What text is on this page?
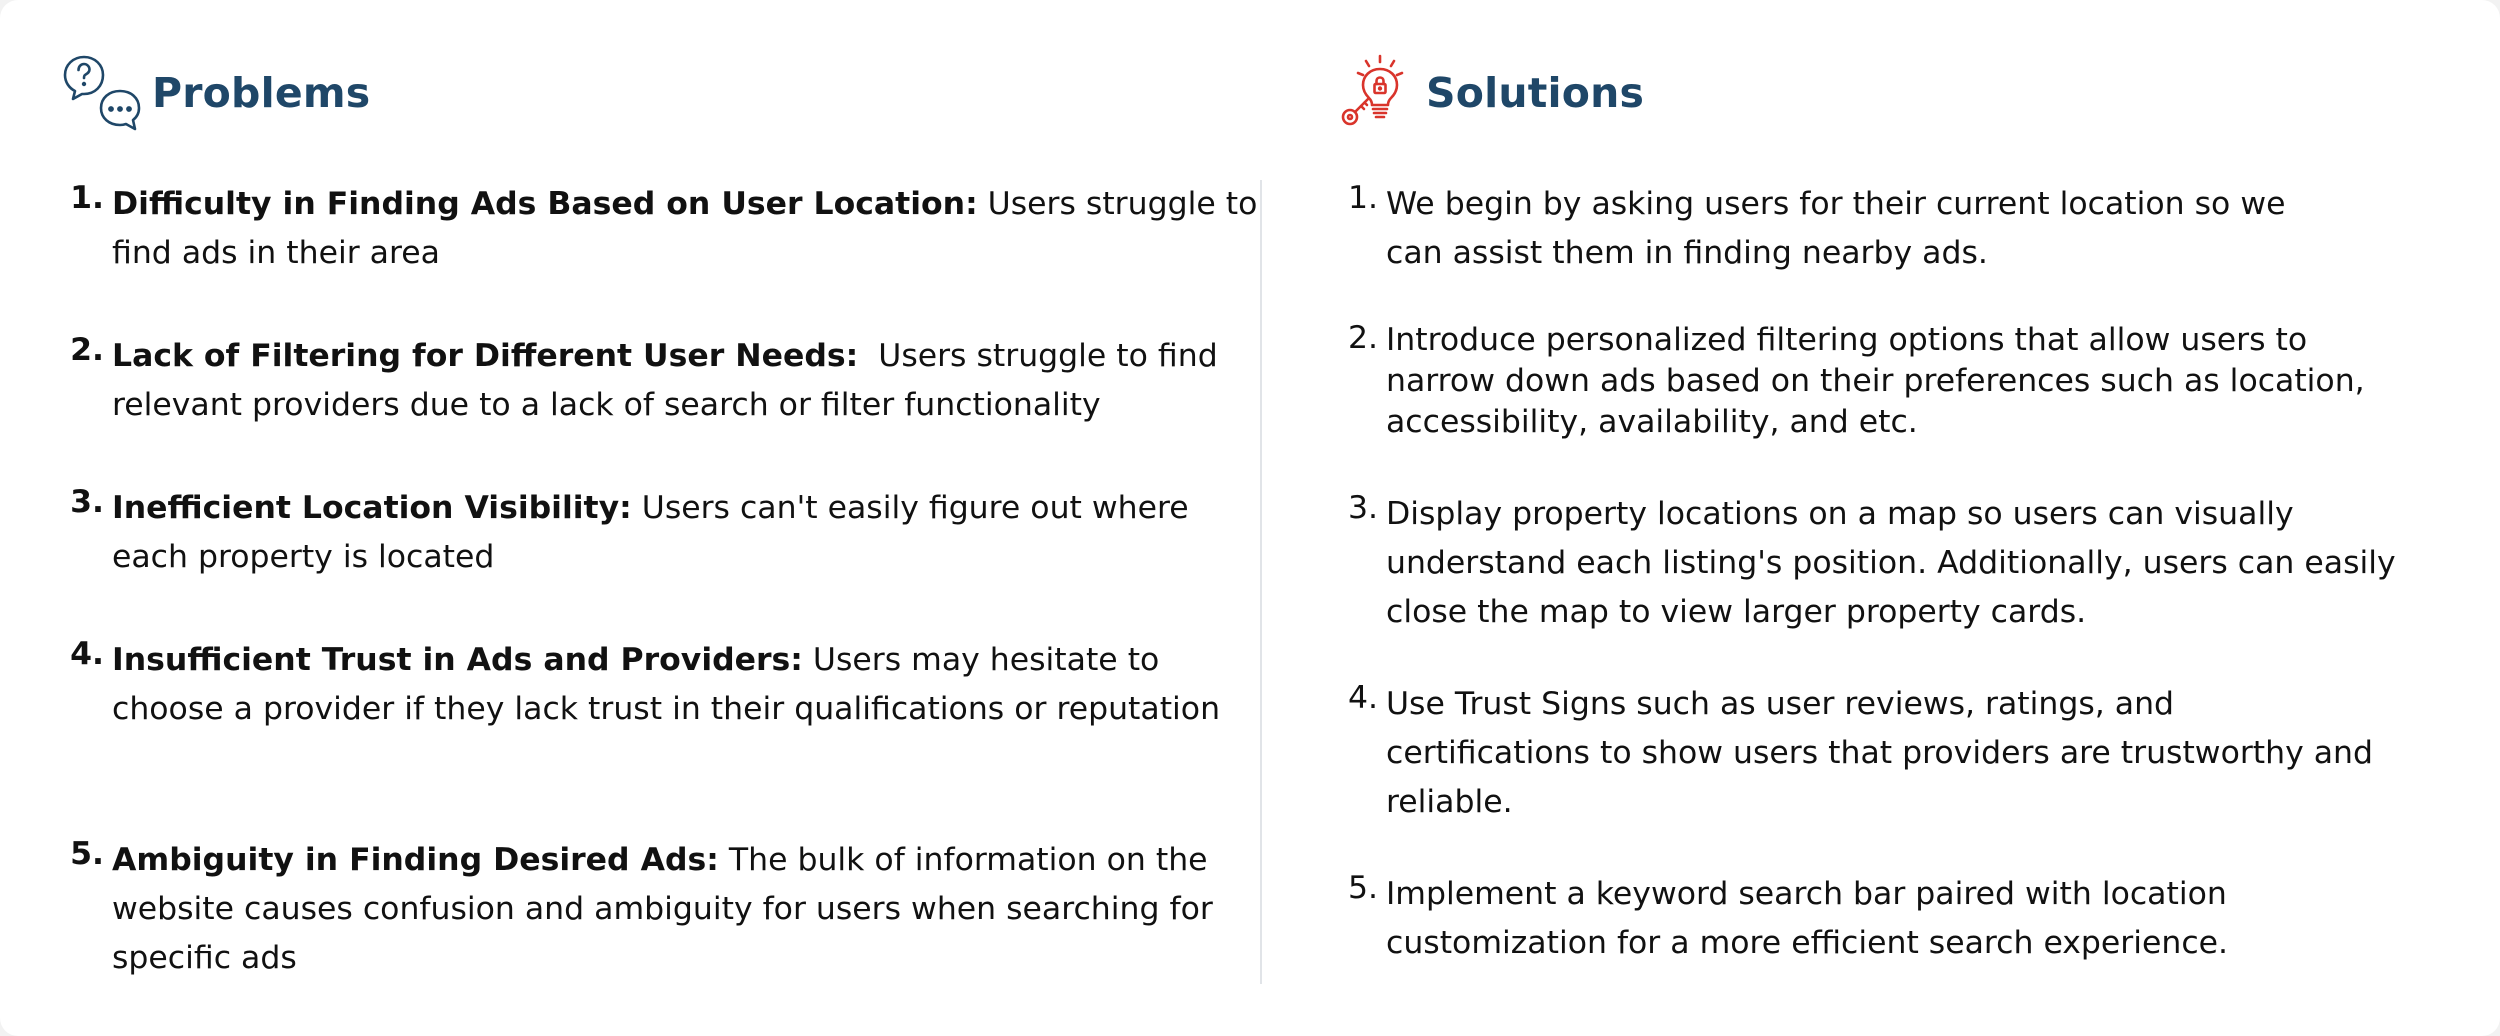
Problems
1. Difficulty in Finding Ads Based on User Location: Users struggle to find ads in their area

2. Lack of Filtering for Different User Needs:  Users struggle to find relevant providers due to a lack of search or filter functionality

3. Inefficient Location Visibility: Users can't easily figure out where each property is located

4. Insufficient Trust in Ads and Providers: Users may hesitate to choose a provider if they lack trust in their qualifications or reputation

5. Ambiguity in Finding Desired Ads: The bulk of information on the website causes confusion and ambiguity for users when searching for specific ads

Solutions
1. We begin by asking users for their current location so we can assist them in finding nearby ads.

2. Introduce personalized filtering options that allow users to narrow down ads based on their preferences such as location, accessibility, availability, and etc.

3. Display property locations on a map so users can visually understand each listing's position. Additionally, users can easily close the map to view larger property cards.

4. Use Trust Signs such as user reviews, ratings, and certifications to show users that providers are trustworthy and reliable.

5. Implement a keyword search bar paired with location customization for a more efficient search experience.
